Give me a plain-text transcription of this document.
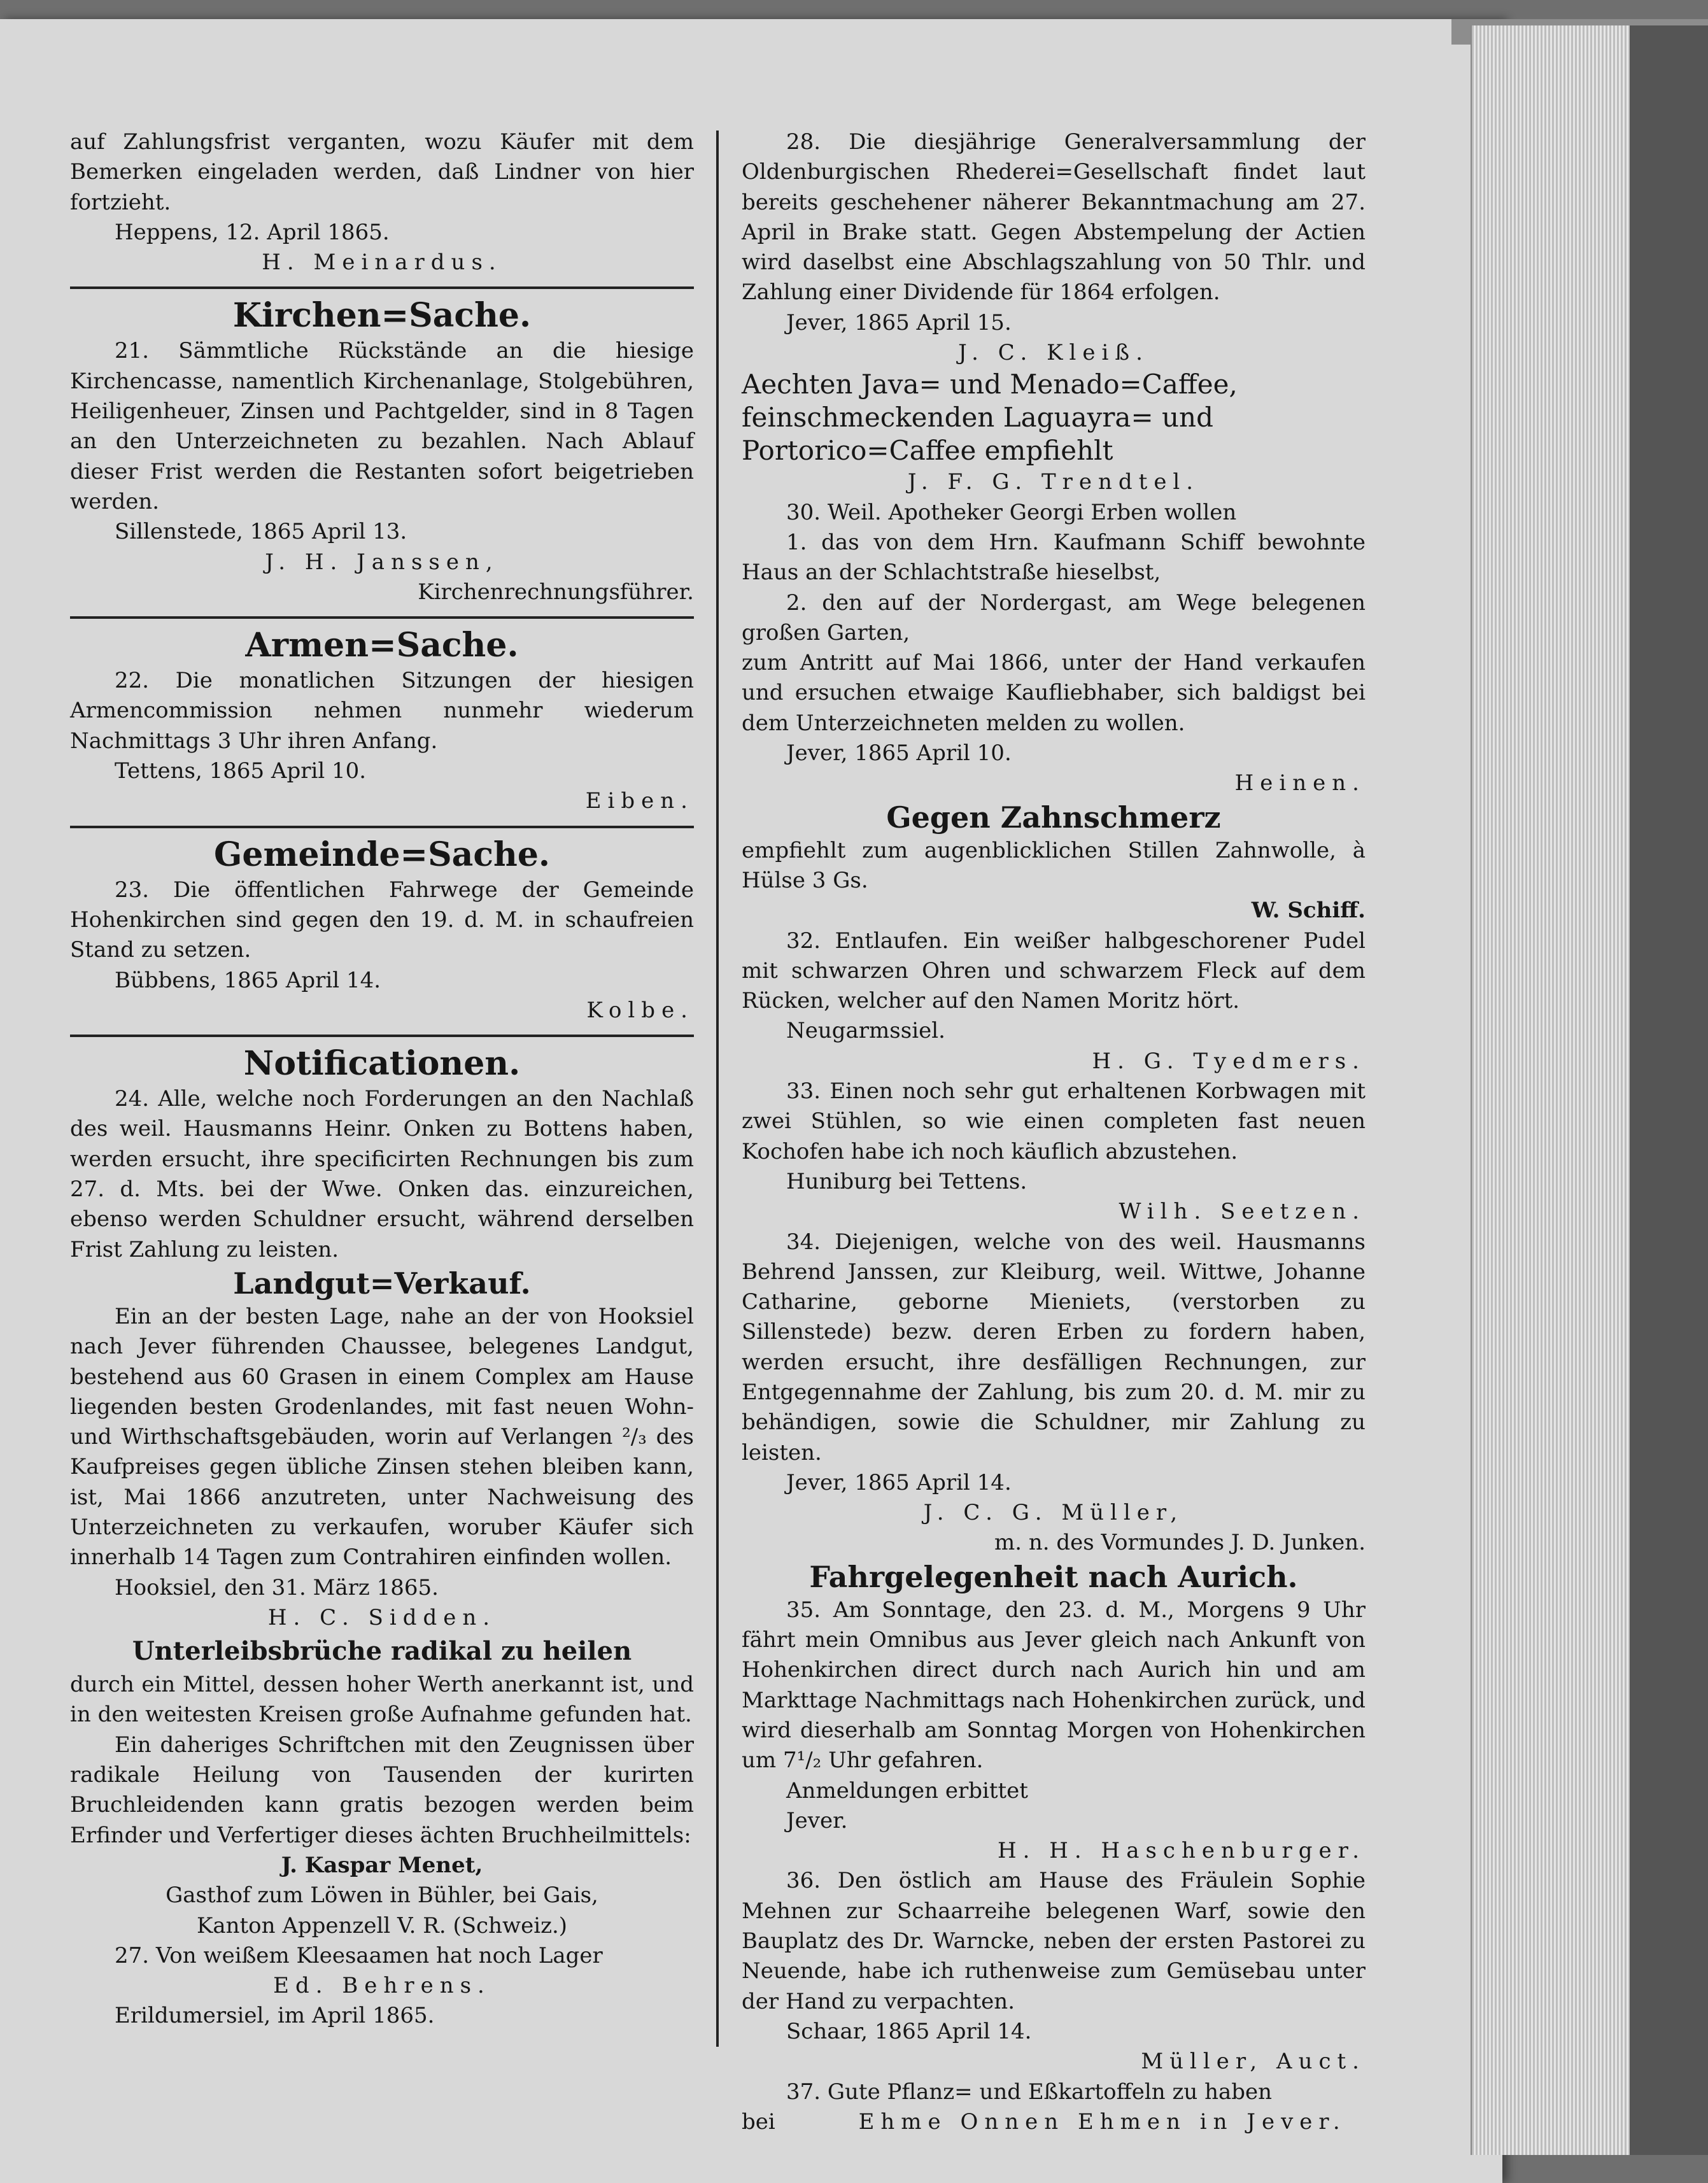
auf Zahlungsfrist verganten, wozu Käufer mit dem Bemerken eingeladen werden, daß Lindner von hier fortzieht.

Heppens, 12. April 1865.

H. Meinardus.

Kirchen=Sache.

21. Sämmtliche Rückstände an die hiesige Kirchencasse, namentlich Kirchenanlage, Stolgebühren, Heiligenheuer, Zinsen und Pachtgelder, sind in 8 Tagen an den Unterzeichneten zu bezahlen. Nach Ablauf dieser Frist werden die Restanten sofort beigetrieben werden.

Sillenstede, 1865 April 13.

J. H. Janssen,

Kirchenrechnungsführer.

Armen=Sache.

22. Die monatlichen Sitzungen der hiesigen Armencommission nehmen nunmehr wiederum Nachmittags 3 Uhr ihren Anfang.

Tettens, 1865 April 10.

Eiben.

Gemeinde=Sache.

23. Die öffentlichen Fahrwege der Gemeinde Hohenkirchen sind gegen den 19. d. M. in schaufreien Stand zu setzen.

Bübbens, 1865 April 14.

Kolbe.

Notificationen.

24. Alle, welche noch Forderungen an den Nachlaß des weil. Hausmanns Heinr. Onken zu Bottens haben, werden ersucht, ihre specificirten Rechnungen bis zum 27. d. Mts. bei der Wwe. Onken das. einzureichen, ebenso werden Schuldner ersucht, während derselben Frist Zahlung zu leisten.

Landgut=Verkauf.

Ein an der besten Lage, nahe an der von Hooksiel nach Jever führenden Chaussee, belegenes Landgut, bestehend aus 60 Grasen in einem Complex am Hause liegenden besten Grodenlandes, mit fast neuen Wohn- und Wirthschaftsgebäuden, worin auf Verlangen ²/₃ des Kaufpreises gegen übliche Zinsen stehen bleiben kann, ist, Mai 1866 anzutreten, unter Nachweisung des Unterzeichneten zu verkaufen, woruber Käufer sich innerhalb 14 Tagen zum Contrahiren einfinden wollen.

Hooksiel, den 31. März 1865.

H. C. Sidden.

Unterleibsbrüche radikal zu heilen

durch ein Mittel, dessen hoher Werth anerkannt ist, und in den weitesten Kreisen große Aufnahme gefunden hat.

Ein daheriges Schriftchen mit den Zeugnissen über radikale Heilung von Tausenden der kurirten Bruchleidenden kann gratis bezogen werden beim Erfinder und Verfertiger dieses ächten Bruchheilmittels:

J. Kaspar Menet,

Gasthof zum Löwen in Bühler, bei Gais,

Kanton Appenzell V. R. (Schweiz.)

27. Von weißem Kleesaamen hat noch Lager

Ed. Behrens.

Erildumersiel, im April 1865.

28. Die diesjährige Generalversammlung der Oldenburgischen Rhederei=Gesellschaft findet laut bereits geschehener näherer Bekanntmachung am 27. April in Brake statt. Gegen Abstempelung der Actien wird daselbst eine Abschlagszahlung von 50 Thlr. und Zahlung einer Dividende für 1864 erfolgen.

Jever, 1865 April 15.

J. C. Kleiß.

Aechten Java= und Menado=Caffee, feinschmeckenden Laguayra= und Portorico=Caffee empfiehlt

J. F. G. Trendtel.

30. Weil. Apotheker Georgi Erben wollen

1. das von dem Hrn. Kaufmann Schiff bewohnte Haus an der Schlachtstraße hieselbst,

2. den auf der Nordergast, am Wege belegenen großen Garten,

zum Antritt auf Mai 1866, unter der Hand verkaufen und ersuchen etwaige Kaufliebhaber, sich baldigst bei dem Unterzeichneten melden zu wollen.

Jever, 1865 April 10.

Heinen.

Gegen Zahnschmerz

empfiehlt zum augenblicklichen Stillen Zahnwolle, à Hülse 3 Gs.

W. Schiff.

32. Entlaufen. Ein weißer halbgeschorener Pudel mit schwarzen Ohren und schwarzem Fleck auf dem Rücken, welcher auf den Namen Moritz hört.

Neugarmssiel.

H. G. Tyedmers.

33. Einen noch sehr gut erhaltenen Korbwagen mit zwei Stühlen, so wie einen completen fast neuen Kochofen habe ich noch käuflich abzustehen.

Huniburg bei Tettens.

Wilh. Seetzen.

34. Diejenigen, welche von des weil. Hausmanns Behrend Janssen, zur Kleiburg, weil. Wittwe, Johanne Catharine, geborne Mieniets, (verstorben zu Sillenstede) bezw. deren Erben zu fordern haben, werden ersucht, ihre desfälligen Rechnungen, zur Entgegennahme der Zahlung, bis zum 20. d. M. mir zu behändigen, sowie die Schuldner, mir Zahlung zu leisten.

Jever, 1865 April 14.

J. C. G. Müller,

m. n. des Vormundes J. D. Junken.

Fahrgelegenheit nach Aurich.

35. Am Sonntage, den 23. d. M., Morgens 9 Uhr fährt mein Omnibus aus Jever gleich nach Ankunft von Hohenkirchen direct durch nach Aurich hin und am Markttage Nachmittags nach Hohenkirchen zurück, und wird dieserhalb am Sonntag Morgen von Hohenkirchen um 7¹/₂ Uhr gefahren.

Anmeldungen erbittet

Jever.

H. H. Haschenburger.

36. Den östlich am Hause des Fräulein Sophie Mehnen zur Schaarreihe belegenen Warf, sowie den Bauplatz des Dr. Warncke, neben der ersten Pastorei zu Neuende, habe ich ruthenweise zum Gemüsebau unter der Hand zu verpachten.

Schaar, 1865 April 14.

Müller, Auct.

37. Gute Pflanz= und Eßkartoffeln zu haben

bei	Ehme Onnen Ehmen in Jever.
